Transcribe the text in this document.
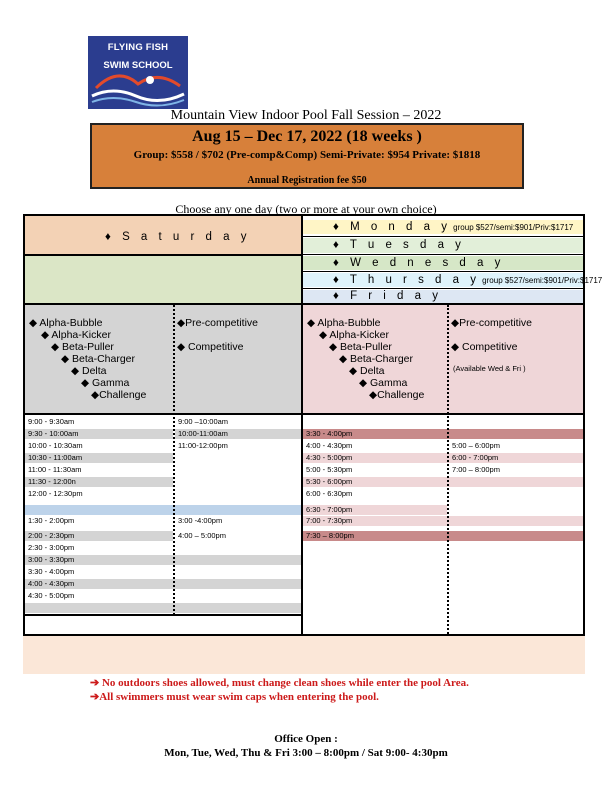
FLYING FISH
SWIM SCHOOL
Mountain View Indoor Pool Fall Session – 2022
Aug 15 – Dec 17, 2022 (18 weeks )
Group: $558 / $702 (Pre-comp&Comp) Semi-Private: $954 Private: $1818
Annual Registration fee $50
Choose any one day (two or more at your own choice)
♦ S a t u r d a y
♦ M o n d a y group $527/semi:$901/Priv:$1717
♦ T u e s d a y
♦ W e d n e s d a y
♦ T h u r s d a y group $527/semi:$901/Priv:$1717
♦ F r i d a y
◆ Alpha-Bubble
◆ Alpha-Kicker
◆ Beta-Puller
◆ Beta-Charger
◆ Delta
◆ Gamma
◆Challenge
◆Pre-competitive
◆ Competitive
◆ Alpha-Bubble
◆ Alpha-Kicker
◆ Beta-Puller
◆ Beta-Charger
◆ Delta
◆ Gamma
◆Challenge
◆Pre-competitive
◆ Competitive
(Available Wed & Fri )
9:00 - 9:30am
9:30 - 10:00am
10:00 - 10:30am
10:30 - 11:00am
11:00 - 11:30am
11:30 - 12:00n
12:00 - 12:30pm
1:30 - 2:00pm
2:00 - 2:30pm
2:30 - 3:00pm
3:00 - 3:30pm
3:30 - 4:00pm
4:00 - 4:30pm
4:30 - 5:00pm
9:00 –10:00am
10:00-11:00am
11:00-12:00pm
3:00 -4:00pm
4:00 – 5:00pm
3:30 - 4:00pm
4:00 - 4:30pm
4:30 - 5:00pm
5:00 - 5:30pm
5:30 - 6:00pm
6:00 - 6:30pm
6:30 - 7:00pm
7:00 - 7:30pm
7:30 – 8:00pm
5:00 – 6:00pm
6:00 - 7:00pm
7:00 – 8:00pm
➔ No outdoors shoes allowed, must change clean shoes while enter the pool Area.
➔All swimmers must wear swim caps when entering the pool.
Office Open :
Mon, Tue, Wed, Thu & Fri 3:00 – 8:00pm / Sat 9:00- 4:30pm
